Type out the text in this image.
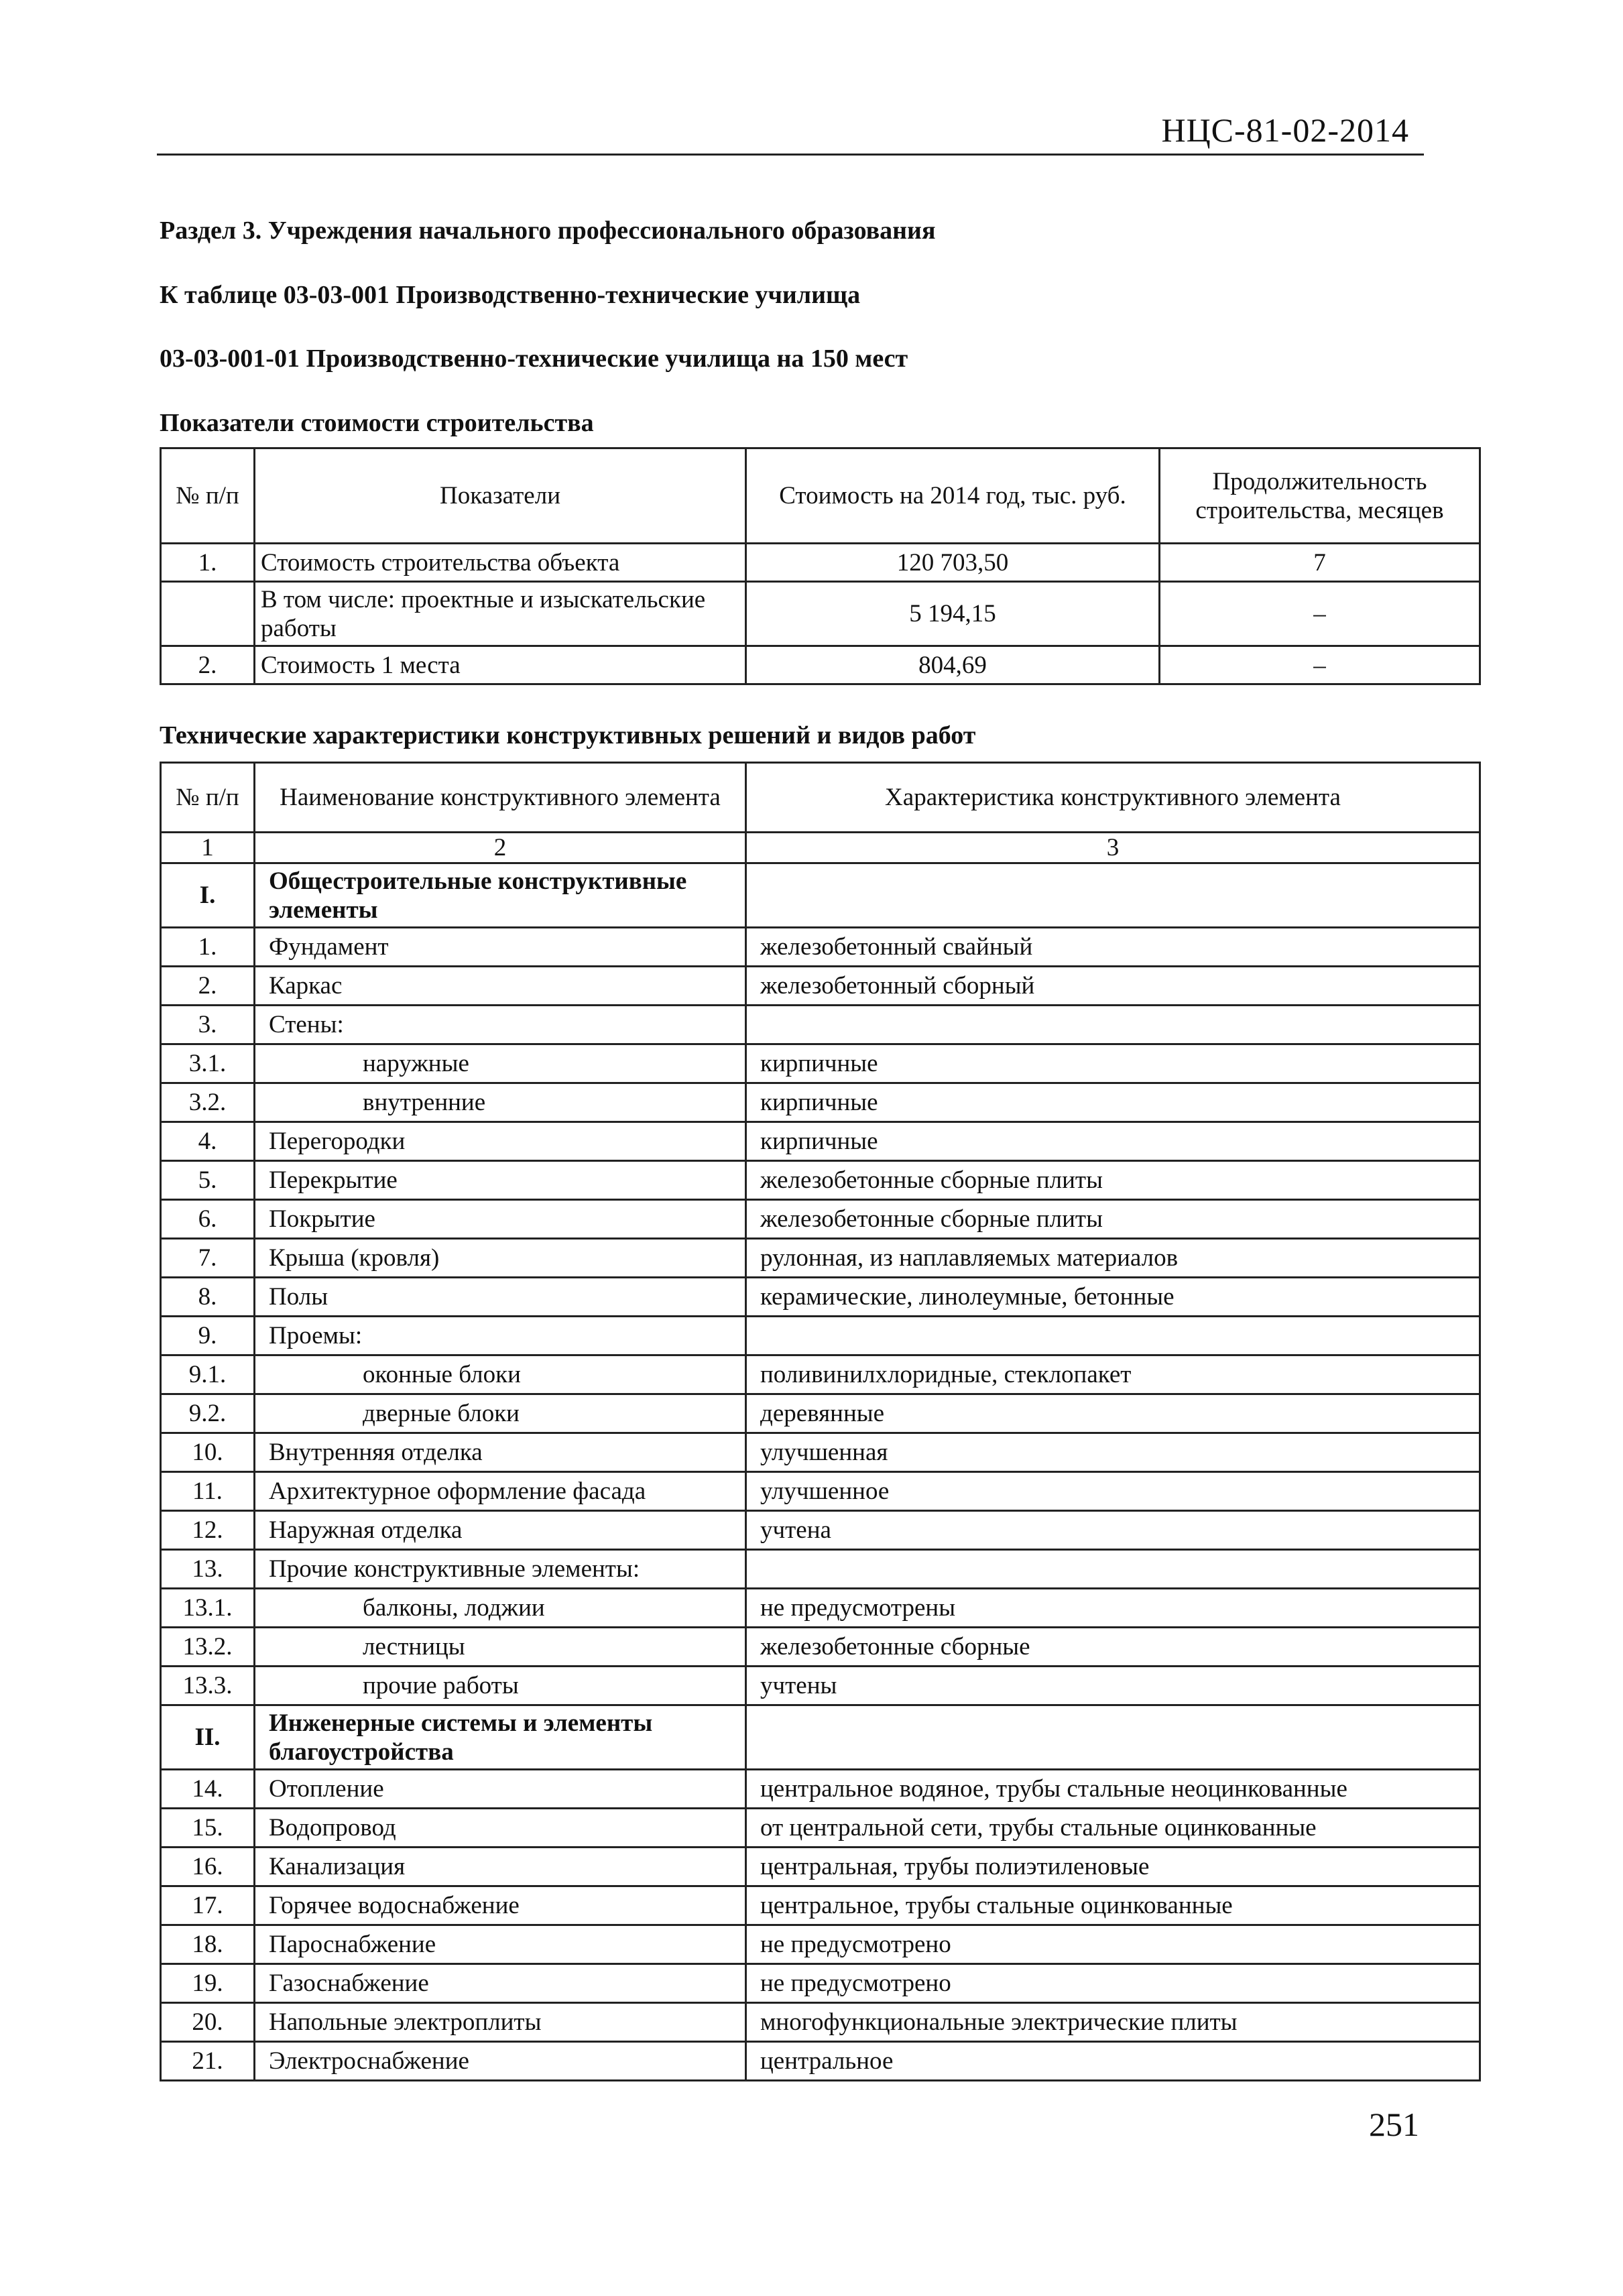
НЦС-81-02-2014
Раздел 3. Учреждения начального профессионального образования
К таблице 03-03-001 Производственно-технические училища
03-03-001-01 Производственно-технические училища на 150 мест
Показатели стоимости строительства
№ п/п	Показатели	Стоимость на 2014 год, тыс. руб.	Продолжительность строительства, месяцев
1.	Стоимость строительства объекта	120 703,50	7
	В том числе: проектные и изыскательские работы	5 194,15	–
2.	Стоимость 1 места	804,69	–
Технические характеристики конструктивных решений и видов работ
№ п/п	Наименование конструктивного элемента	Характеристика конструктивного элемента
1	2	3
I.	Общестроительные конструктивные элементы	
1.	Фундамент	железобетонный свайный
2.	Каркас	железобетонный сборный
3.	Стены:	
3.1.	наружные	кирпичные
3.2.	внутренние	кирпичные
4.	Перегородки	кирпичные
5.	Перекрытие	железобетонные сборные плиты
6.	Покрытие	железобетонные сборные плиты
7.	Крыша (кровля)	рулонная, из наплавляемых материалов
8.	Полы	керамические, линолеумные, бетонные
9.	Проемы:	
9.1.	оконные блоки	поливинилхлоридные, стеклопакет
9.2.	дверные блоки	деревянные
10.	Внутренняя отделка	улучшенная
11.	Архитектурное оформление фасада	улучшенное
12.	Наружная отделка	учтена
13.	Прочие конструктивные элементы:	
13.1.	балконы, лоджии	не предусмотрены
13.2.	лестницы	железобетонные сборные
13.3.	прочие работы	учтены
II.	Инженерные системы и элементы благоустройства	
14.	Отопление	центральное водяное, трубы стальные неоцинкованные
15.	Водопровод	от центральной сети, трубы стальные оцинкованные
16.	Канализация	центральная, трубы полиэтиленовые
17.	Горячее водоснабжение	центральное, трубы стальные оцинкованные
18.	Пароснабжение	не предусмотрено
19.	Газоснабжение	не предусмотрено
20.	Напольные электроплиты	многофункциональные электрические плиты
21.	Электроснабжение	центральное
251
